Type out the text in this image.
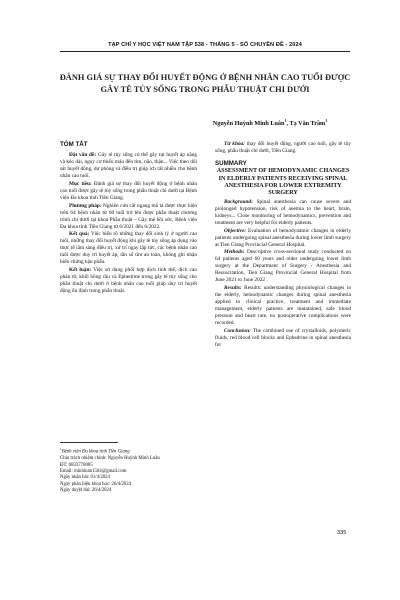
TẠP CHÍ Y HỌC VIỆT NAM TẬP 538 - THÁNG 5 - SỐ CHUYÊN ĐỀ - 2024
ĐÁNH GIÁ SỰ THAY ĐỔI HUYẾT ĐỘNG Ở BỆNH NHÂN CAO TUỔI ĐƯỢC GÂY TÊ TỦY SỐNG TRONG PHẪU THUẬT CHI DƯỚI
Nguyễn Huỳnh Minh Luân$^1$, Tạ Văn Trầm$^1$
TÓM TẮT

Đặt vấn đề: Gây tê tủy sống có thể gây tụt huyết áp nặng và kéo dài, nguy cơ thiếu máu đến tim, não, thận... Việc theo dõi sát huyết động, dự phòng và điều trị giúp ích rất nhiều cho bệnh nhân cao tuổi.

Mục tiêu: Đánh giá sự thay đổi huyết động ở bệnh nhân cao tuổi được gây tê tủy sống trong phẫu thuật chi dưới tại Bệnh viện Đa khoa tỉnh Tiền Giang.

Phương pháp: Nghiên cứu cắt ngang mô tả được thực hiện trên 64 bệnh nhân từ 60 tuổi trở lên được phẫu thuật chương trình chi dưới tại khoa Phẫu thuật – Gây mê hồi sức, Bệnh viện Đa khoa tỉnh Tiền Giang từ 6/2021 đến 6/2022.

Kết quả: Việc hiểu rõ những thay đổi sinh lý ở người cao tuổi, những thay đổi huyết động khi gây tê tủy sống áp dụng vào thực tế lâm sàng điều trị, xử trí ngay lập tức, các bệnh nhân cao tuổi được duy trì huyết áp, tần số tim an toàn, không ghi nhận biến chứng hậu phẫu.

Kết luận: Việc sử dụng phối hợp dịch tinh thể, dịch cao phân tử, khối hồng cầu và Ephedrine trong gây tê tủy sống cho phẫu thuật chi dưới ở bệnh nhân cao tuổi giúp duy trì huyết động ổn định trong phẫu thuật.

Từ khóa: thay đổi huyết động, người cao tuổi, gây tê tủy sống, phẫu thuật chi dưới, Tiền Giang.

SUMMARY
ASSESSMENT OF HEMODYNAMIC CHANGES IN ELDERLY PATIENTS RECEIVING SPINAL ANESTHESIA FOR LOWER EXTREMITY SURGERY

Background: Spinal anesthesia can cause severe and prolonged hypotension, risk of anemia to the heart, brain, kidneys... Close monitoring of hemodynamics, prevention and treatment are very helpful for elderly patients.

Objective: Evaluation of hemodynamic changes in elderly patients undergoing spinal anesthesia during lower limb surgery at Tien Giang Provincial General Hospital.

Methods: Descriptive cross-sectional study conducted on 64 patients aged 60 years and older undergoing lower limb surgery at the Department of Surgery - Anesthesia and Resuscitation, Tien Giang Provincial General Hospital from June 2021 to June 2022 .

Results: Results: understanding physiological changes in the elderly, hemodynamic changes during spinal anesthesia applied to clinical practice, treatment and immediate management, elderly patients are maintained, safe blood pressure and heart rate, no postoperative complications were recorded.

Conclusion: The combined use of crystalloids, polymeric fluids, red blood cell blocks and Ephedrine in spinal anesthesia for

$^1$Bệnh viện Đa khoa tỉnh Tiền Giang
Chịu trách nhiệm chính: Nguyễn Huỳnh Minh Luân
ĐT: 0833778005
Email: minhluan1504@gmail.com
Ngày nhận bài: 01/4/2024
Ngày phản biện khoa học: 26/4/2024
Ngày duyệt bài: 26/4/2024
335
